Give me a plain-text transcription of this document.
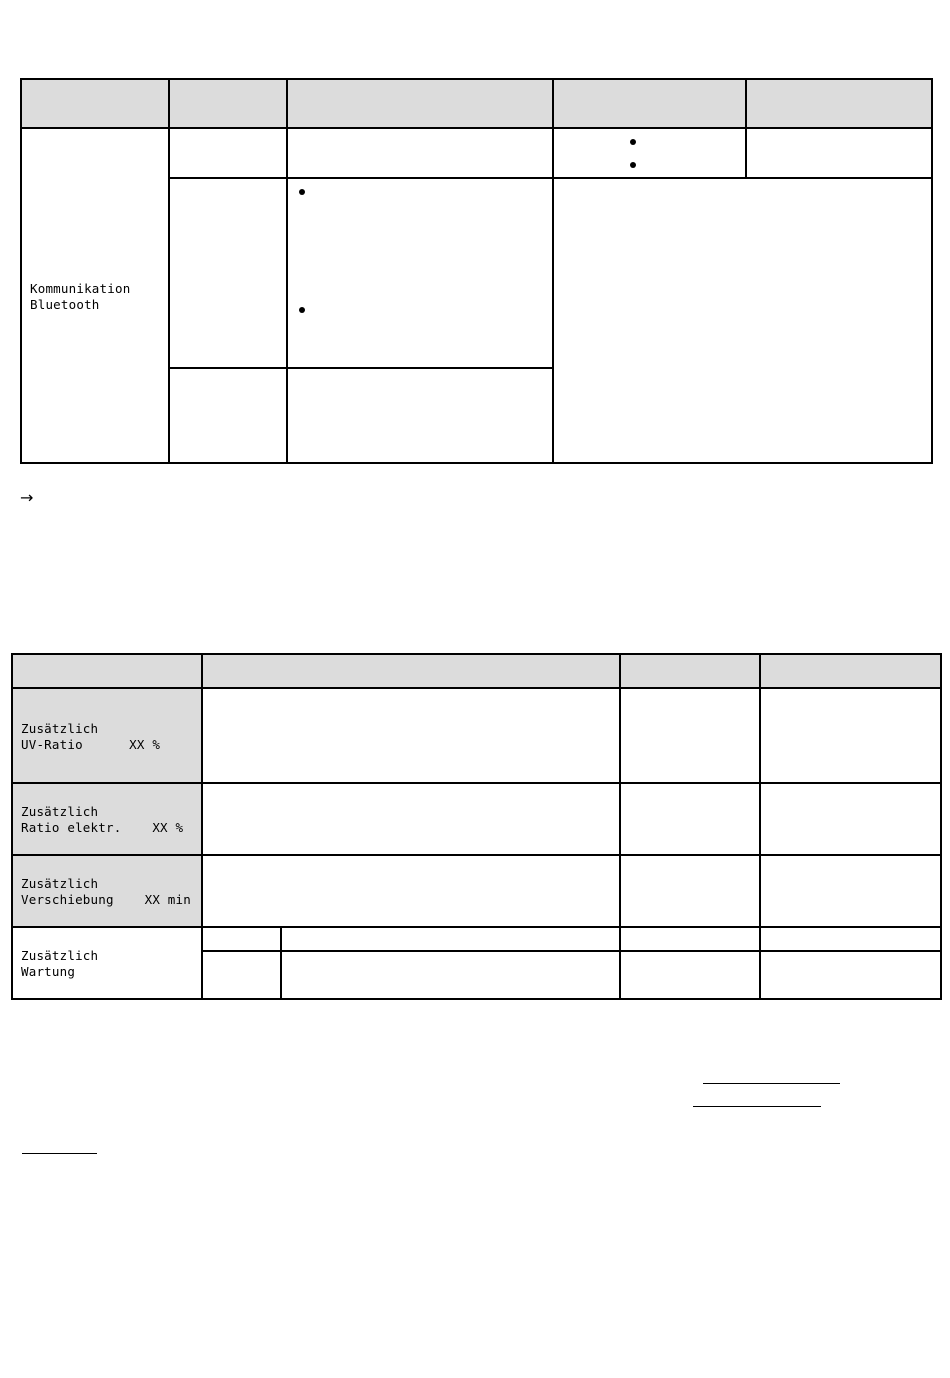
Kommunikation
Bluetooth				

→

Zusätzlich
UV-Ratio      XX %				

Zusätzlich
Ratio elektr.    XX %				

Zusätzlich
Verschiebung    XX min				

Zusätzlich
Wartung				
